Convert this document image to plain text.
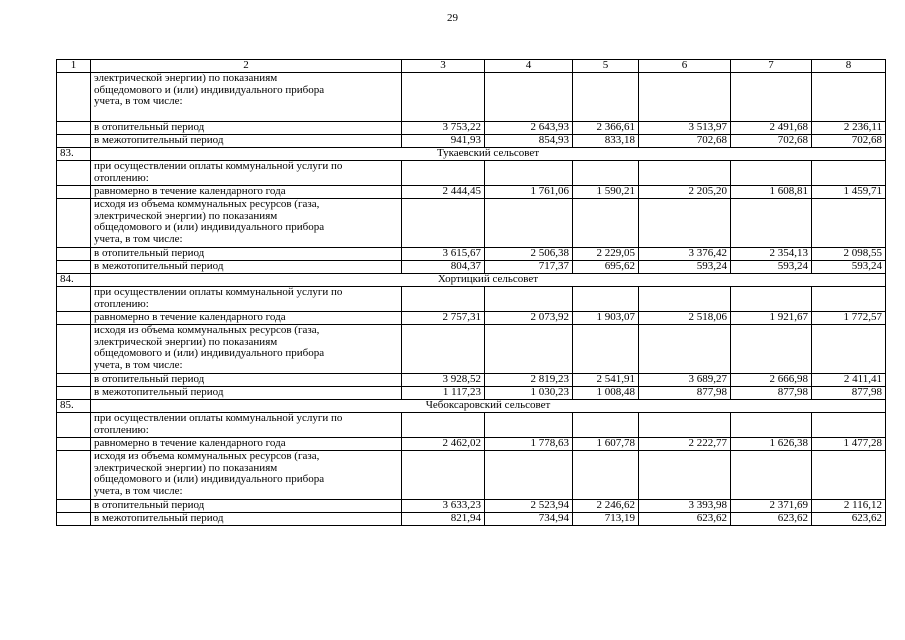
29
1	2	3	4	5	6	7	8
	электрической энергии) по показаниям
общедомового и (или) индивидуального прибора
учета, в том числе:						
	в отопительный период	3 753,22	2 643,93	2 366,61	3 513,97	2 491,68	2 236,11
	в межотопительный период	941,93	854,93	833,18	702,68	702,68	702,68
83.	Тукаевский сельсовет						
	при осуществлении оплаты коммунальной услуги по
отоплению:						
	равномерно в течение календарного года	2 444,45	1 761,06	1 590,21	2 205,20	1 608,81	1 459,71
	исходя из объема коммунальных ресурсов (газа,
электрической энергии) по показаниям
общедомового и (или) индивидуального прибора
учета, в том числе:						
	в отопительный период	3 615,67	2 506,38	2 229,05	3 376,42	2 354,13	2 098,55
	в межотопительный период	804,37	717,37	695,62	593,24	593,24	593,24
84.	Хортицкий сельсовет						
	при осуществлении оплаты коммунальной услуги по
отоплению:						
	равномерно в течение календарного года	2 757,31	2 073,92	1 903,07	2 518,06	1 921,67	1 772,57
	исходя из объема коммунальных ресурсов (газа,
электрической энергии) по показаниям
общедомового и (или) индивидуального прибора
учета, в том числе:						
	в отопительный период	3 928,52	2 819,23	2 541,91	3 689,27	2 666,98	2 411,41
	в межотопительный период	1 117,23	1 030,23	1 008,48	877,98	877,98	877,98
85.	Чебоксаровский сельсовет						
	при осуществлении оплаты коммунальной услуги по
отоплению:						
	равномерно в течение календарного года	2 462,02	1 778,63	1 607,78	2 222,77	1 626,38	1 477,28
	исходя из объема коммунальных ресурсов (газа,
электрической энергии) по показаниям
общедомового и (или) индивидуального прибора
учета, в том числе:						
	в отопительный период	3 633,23	2 523,94	2 246,62	3 393,98	2 371,69	2 116,12
	в межотопительный период	821,94	734,94	713,19	623,62	623,62	623,62
